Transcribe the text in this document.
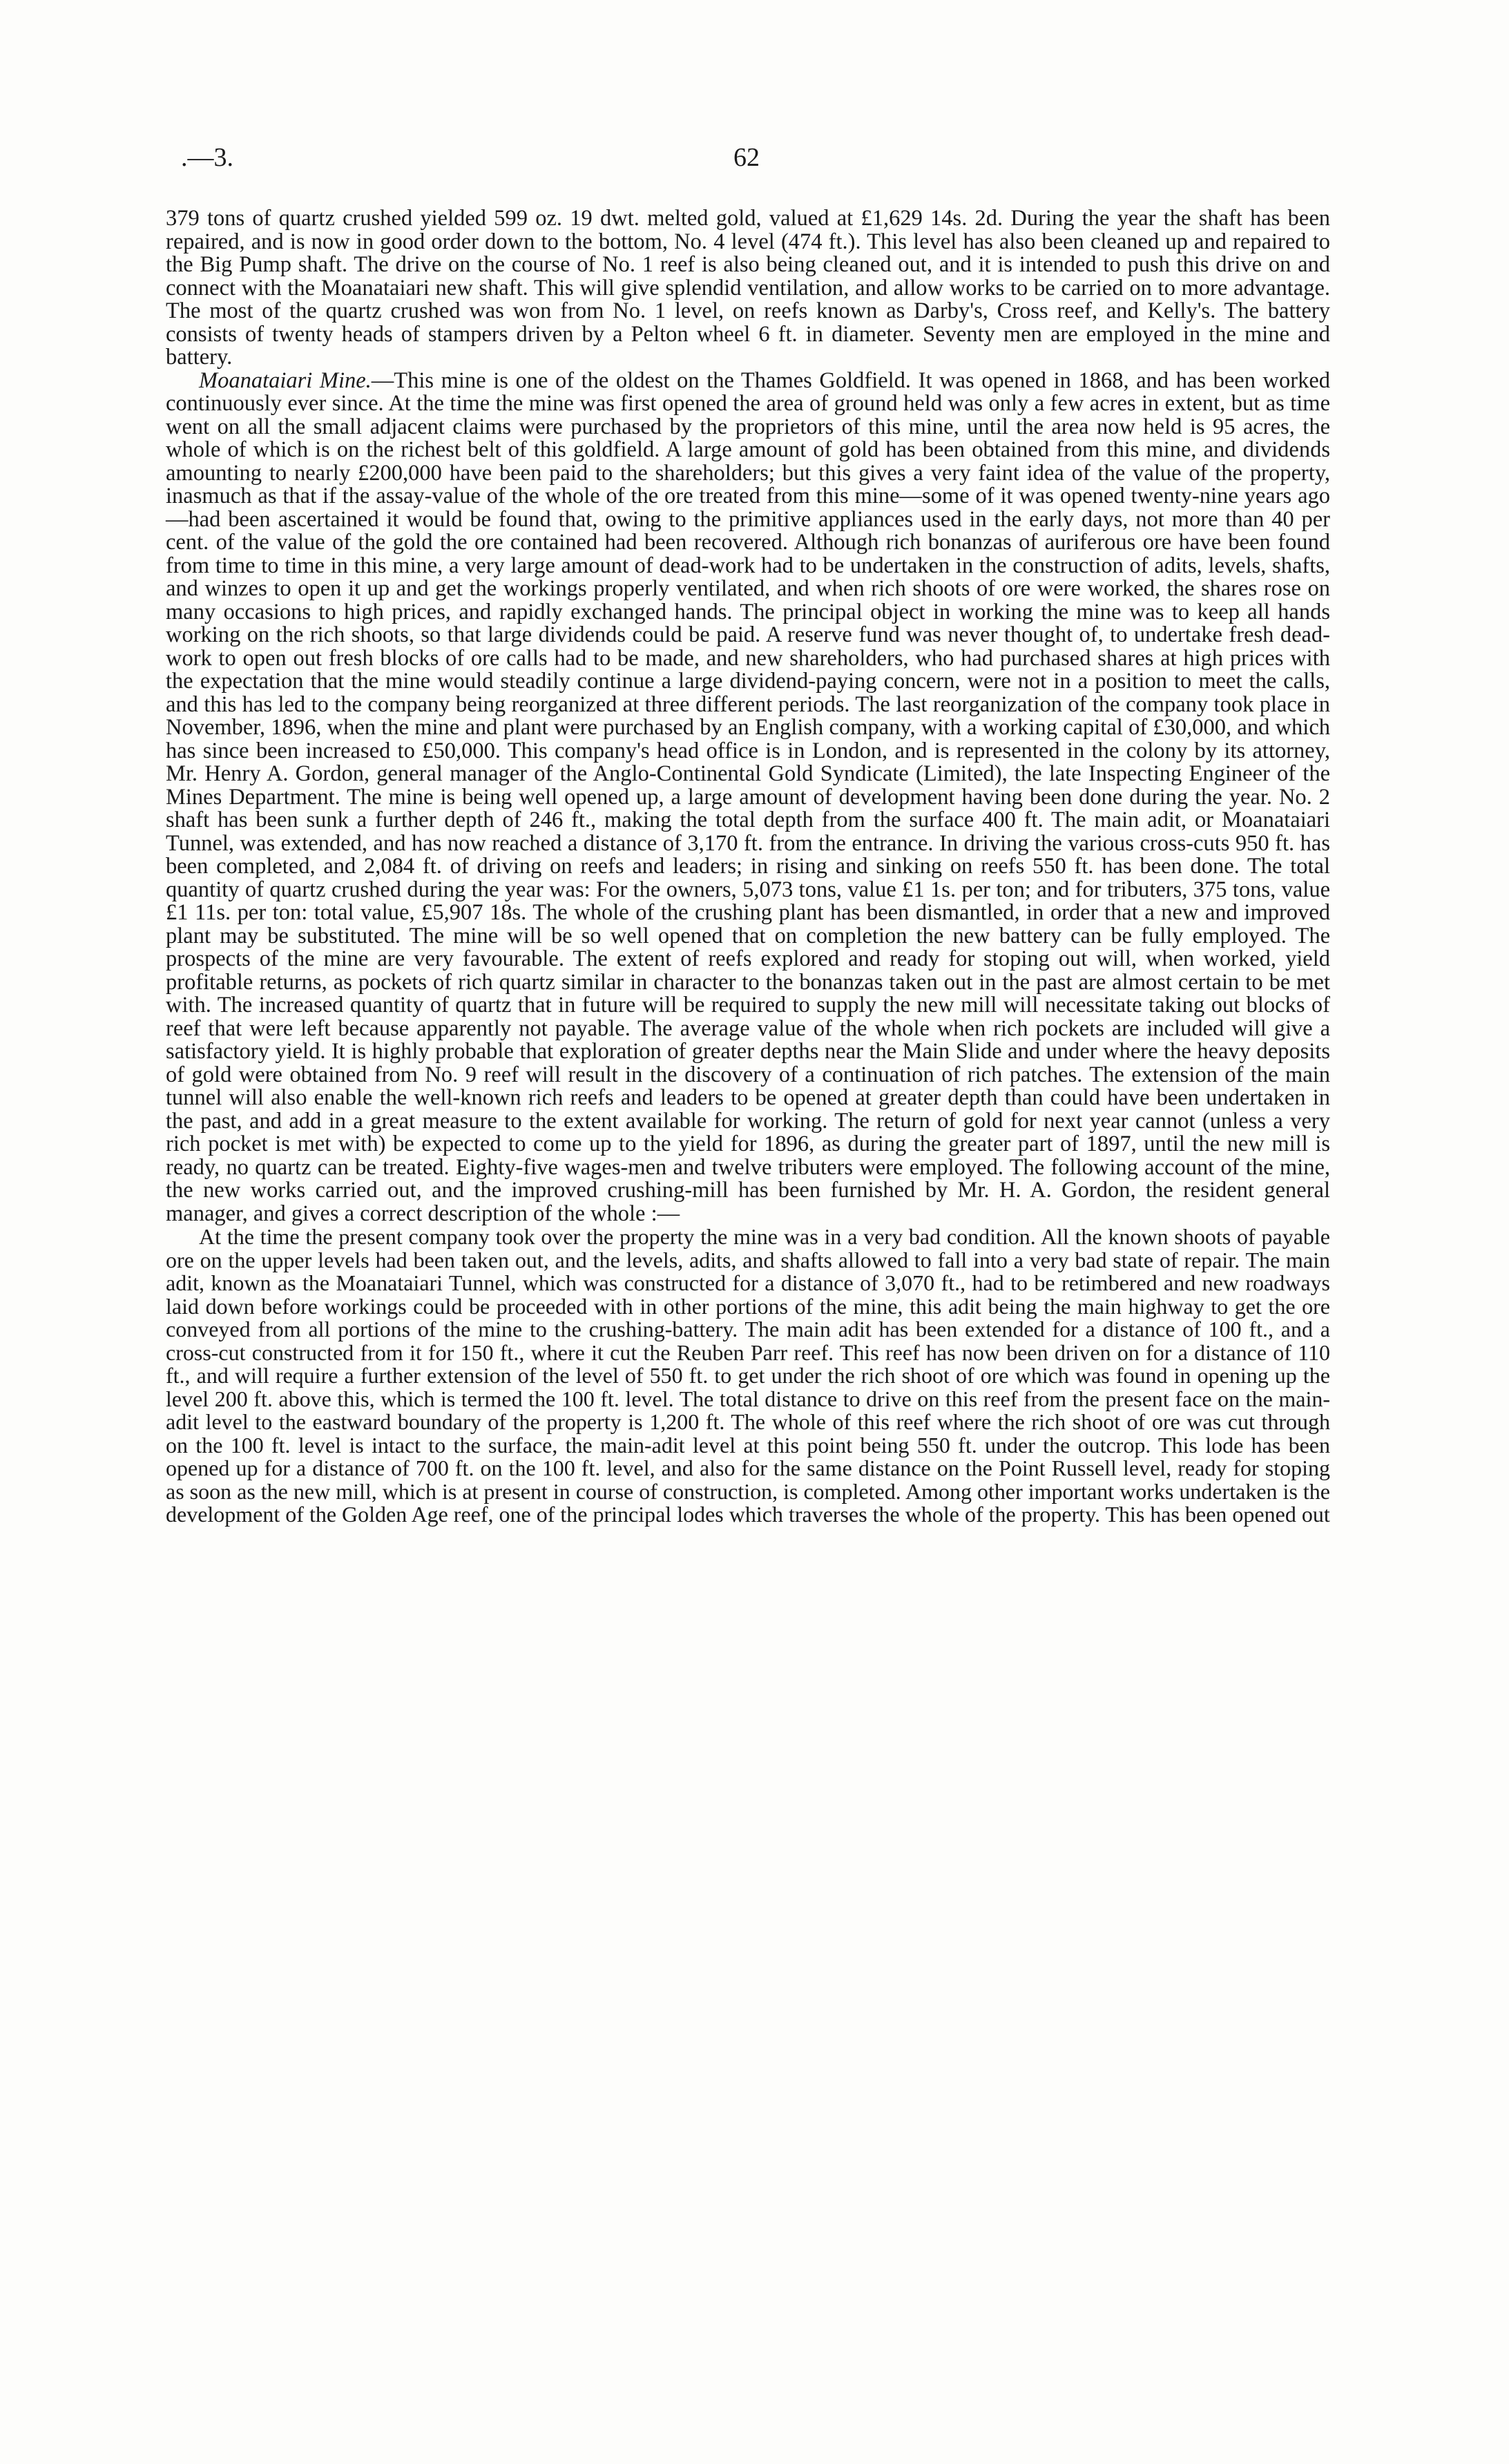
.—3.	62

379 tons of quartz crushed yielded 599 oz. 19 dwt. melted gold, valued at £1,629 14s. 2d. During the year the shaft has been repaired, and is now in good order down to the bottom, No. 4 level (474 ft.). This level has also been cleaned up and repaired to the Big Pump shaft. The drive on the course of No. 1 reef is also being cleaned out, and it is intended to push this drive on and connect with the Moanataiari new shaft. This will give splendid ventilation, and allow works to be carried on to more advantage. The most of the quartz crushed was won from No. 1 level, on reefs known as Darby's, Cross reef, and Kelly's. The battery consists of twenty heads of stampers driven by a Pelton wheel 6 ft. in diameter. Seventy men are employed in the mine and battery.

Moanataiari Mine.—This mine is one of the oldest on the Thames Goldfield. It was opened in 1868, and has been worked continuously ever since. At the time the mine was first opened the area of ground held was only a few acres in extent, but as time went on all the small adjacent claims were purchased by the proprietors of this mine, until the area now held is 95 acres, the whole of which is on the richest belt of this goldfield. A large amount of gold has been obtained from this mine, and dividends amounting to nearly £200,000 have been paid to the shareholders; but this gives a very faint idea of the value of the property, inasmuch as that if the assay-value of the whole of the ore treated from this mine—some of it was opened twenty-nine years ago—had been ascertained it would be found that, owing to the primitive appliances used in the early days, not more than 40 per cent. of the value of the gold the ore contained had been recovered. Although rich bonanzas of auriferous ore have been found from time to time in this mine, a very large amount of dead-work had to be undertaken in the construction of adits, levels, shafts, and winzes to open it up and get the workings properly ventilated, and when rich shoots of ore were worked, the shares rose on many occasions to high prices, and rapidly exchanged hands. The principal object in working the mine was to keep all hands working on the rich shoots, so that large dividends could be paid. A reserve fund was never thought of, to undertake fresh dead-work to open out fresh blocks of ore calls had to be made, and new shareholders, who had purchased shares at high prices with the expectation that the mine would steadily continue a large dividend-paying concern, were not in a position to meet the calls, and this has led to the company being reorganized at three different periods. The last reorganization of the company took place in November, 1896, when the mine and plant were purchased by an English company, with a working capital of £30,000, and which has since been increased to £50,000. This company's head office is in London, and is represented in the colony by its attorney, Mr. Henry A. Gordon, general manager of the Anglo-Continental Gold Syndicate (Limited), the late Inspecting Engineer of the Mines Department. The mine is being well opened up, a large amount of development having been done during the year. No. 2 shaft has been sunk a further depth of 246 ft., making the total depth from the surface 400 ft. The main adit, or Moanataiari Tunnel, was extended, and has now reached a distance of 3,170 ft. from the entrance. In driving the various cross-cuts 950 ft. has been completed, and 2,084 ft. of driving on reefs and leaders; in rising and sinking on reefs 550 ft. has been done. The total quantity of quartz crushed during the year was: For the owners, 5,073 tons, value £1 1s. per ton; and for tributers, 375 tons, value £1 11s. per ton: total value, £5,907 18s. The whole of the crushing plant has been dismantled, in order that a new and improved plant may be substituted. The mine will be so well opened that on completion the new battery can be fully employed. The prospects of the mine are very favourable. The extent of reefs explored and ready for stoping out will, when worked, yield profitable returns, as pockets of rich quartz similar in character to the bonanzas taken out in the past are almost certain to be met with. The increased quantity of quartz that in future will be required to supply the new mill will necessitate taking out blocks of reef that were left because apparently not payable. The average value of the whole when rich pockets are included will give a satisfactory yield. It is highly probable that exploration of greater depths near the Main Slide and under where the heavy deposits of gold were obtained from No. 9 reef will result in the discovery of a continuation of rich patches. The extension of the main tunnel will also enable the well-known rich reefs and leaders to be opened at greater depth than could have been undertaken in the past, and add in a great measure to the extent available for working. The return of gold for next year cannot (unless a very rich pocket is met with) be expected to come up to the yield for 1896, as during the greater part of 1897, until the new mill is ready, no quartz can be treated. Eighty-five wages-men and twelve tributers were employed. The following account of the mine, the new works carried out, and the improved crushing-mill has been furnished by Mr. H. A. Gordon, the resident general manager, and gives a correct description of the whole :—

At the time the present company took over the property the mine was in a very bad condition. All the known shoots of payable ore on the upper levels had been taken out, and the levels, adits, and shafts allowed to fall into a very bad state of repair. The main adit, known as the Moanataiari Tunnel, which was constructed for a distance of 3,070 ft., had to be retimbered and new roadways laid down before workings could be proceeded with in other portions of the mine, this adit being the main highway to get the ore conveyed from all portions of the mine to the crushing-battery. The main adit has been extended for a distance of 100 ft., and a cross-cut constructed from it for 150 ft., where it cut the Reuben Parr reef. This reef has now been driven on for a distance of 110 ft., and will require a further extension of the level of 550 ft. to get under the rich shoot of ore which was found in opening up the level 200 ft. above this, which is termed the 100 ft. level. The total distance to drive on this reef from the present face on the main-adit level to the eastward boundary of the property is 1,200 ft. The whole of this reef where the rich shoot of ore was cut through on the 100 ft. level is intact to the surface, the main-adit level at this point being 550 ft. under the outcrop. This lode has been opened up for a distance of 700 ft. on the 100 ft. level, and also for the same distance on the Point Russell level, ready for stoping as soon as the new mill, which is at present in course of construction, is completed. Among other important works undertaken is the development of the Golden Age reef, one of the principal lodes which traverses the whole of the property. This has been opened out
